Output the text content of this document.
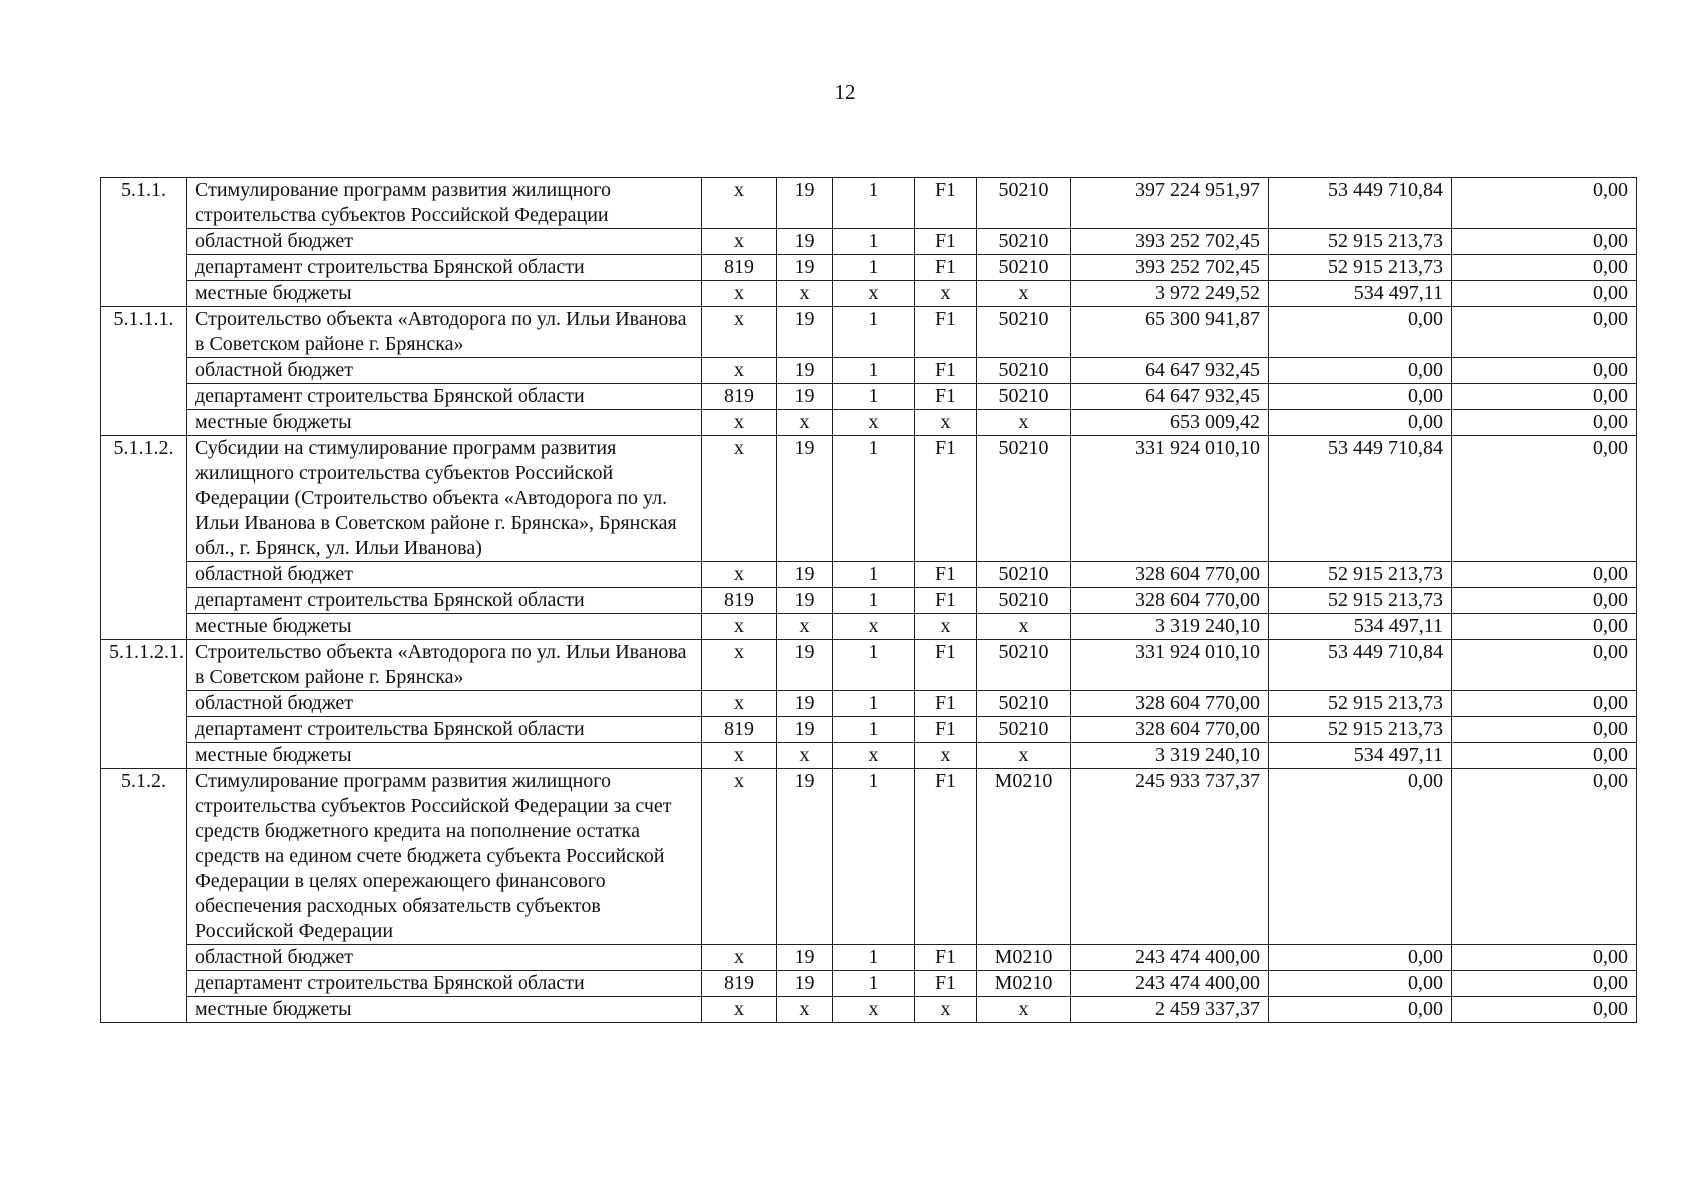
12
5.1.1.	Стимулирование программ развития жилищного строительства субъектов Российской Федерации	х	19	1	F1	50210	397 224 951,97	53 449 710,84	0,00
	областной бюджет	х	19	1	F1	50210	393 252 702,45	52 915 213,73	0,00
	департамент строительства Брянской области	819	19	1	F1	50210	393 252 702,45	52 915 213,73	0,00
	местные бюджеты	х	х	х	х	х	3 972 249,52	534 497,11	0,00
5.1.1.1.	Строительство объекта «Автодорога по ул. Ильи Иванова в Советском районе г. Брянска»	х	19	1	F1	50210	65 300 941,87	0,00	0,00
	областной бюджет	х	19	1	F1	50210	64 647 932,45	0,00	0,00
	департамент строительства Брянской области	819	19	1	F1	50210	64 647 932,45	0,00	0,00
	местные бюджеты	х	х	х	х	х	653 009,42	0,00	0,00
5.1.1.2.	Субсидии на стимулирование программ развития жилищного строительства субъектов Российской Федерации (Строительство объекта «Автодорога по ул. Ильи Иванова в Советском районе г. Брянска», Брянская обл., г. Брянск, ул. Ильи Иванова)	х	19	1	F1	50210	331 924 010,10	53 449 710,84	0,00
	областной бюджет	х	19	1	F1	50210	328 604 770,00	52 915 213,73	0,00
	департамент строительства Брянской области	819	19	1	F1	50210	328 604 770,00	52 915 213,73	0,00
	местные бюджеты	х	х	х	х	х	3 319 240,10	534 497,11	0,00
5.1.1.2.1.	Строительство объекта «Автодорога по ул. Ильи Иванова в Советском районе г. Брянска»	х	19	1	F1	50210	331 924 010,10	53 449 710,84	0,00
	областной бюджет	х	19	1	F1	50210	328 604 770,00	52 915 213,73	0,00
	департамент строительства Брянской области	819	19	1	F1	50210	328 604 770,00	52 915 213,73	0,00
	местные бюджеты	х	х	х	х	х	3 319 240,10	534 497,11	0,00
5.1.2.	Стимулирование программ развития жилищного строительства субъектов Российской Федерации за счет средств бюджетного кредита на пополнение остатка средств на едином счете бюджета субъекта Российской Федерации в целях опережающего финансового обеспечения расходных обязательств субъектов Российской Федерации	х	19	1	F1	M0210	245 933 737,37	0,00	0,00
	областной бюджет	х	19	1	F1	M0210	243 474 400,00	0,00	0,00
	департамент строительства Брянской области	819	19	1	F1	M0210	243 474 400,00	0,00	0,00
	местные бюджеты	х	х	х	х	х	2 459 337,37	0,00	0,00
